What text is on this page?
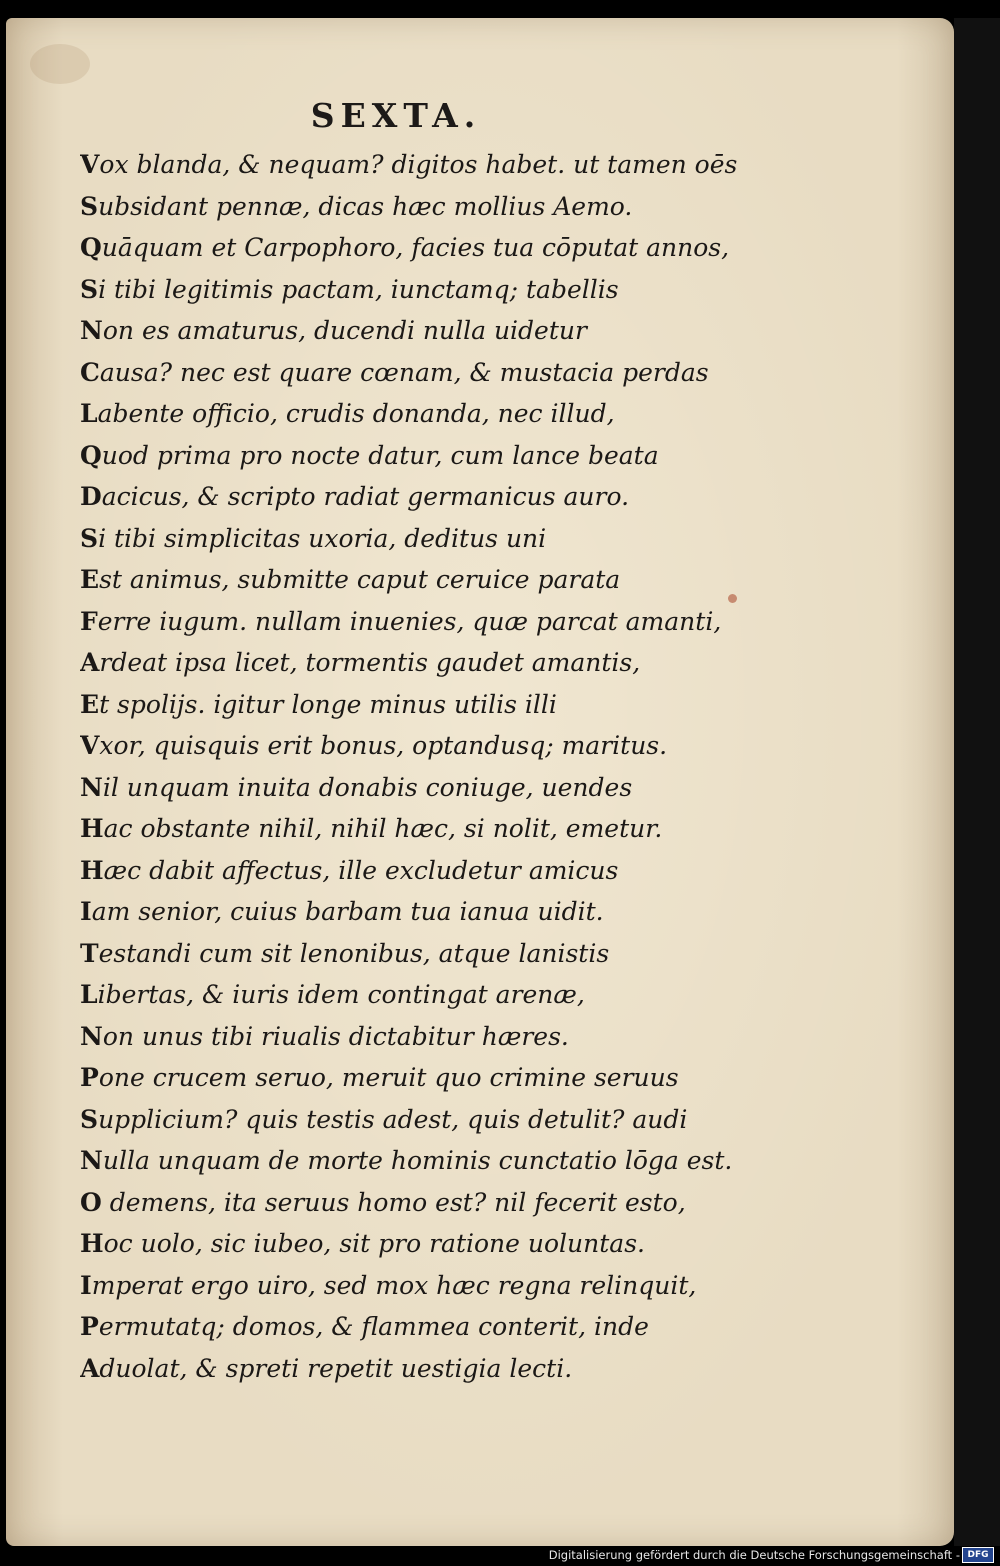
SEXTA.
Vox blanda, & nequam? digitos habet. ut tamen oēs
Subsidant pennæ, dicas hæc mollius Aemo.
Quāquam et Carpophoro, facies tua cōputat annos,
Si tibi legitimis pactam, iunctamq; tabellis
Non es amaturus, ducendi nulla uidetur
Causa? nec est quare cœnam, & mustacia perdas
Labente officio, crudis donanda, nec illud,
Quod prima pro nocte datur, cum lance beata
Dacicus, & scripto radiat germanicus auro.
Si tibi simplicitas uxoria, deditus uni
Est animus, submitte caput ceruice parata
Ferre iugum. nullam inuenies, quæ parcat amanti,
Ardeat ipsa licet, tormentis gaudet amantis,
Et spolijs. igitur longe minus utilis illi
Vxor, quisquis erit bonus, optandusq; maritus.
Nil unquam inuita donabis coniuge, uendes
Hac obstante nihil, nihil hæc, si nolit, emetur.
Hæc dabit affectus, ille excludetur amicus
Iam senior, cuius barbam tua ianua uidit.
Testandi cum sit lenonibus, atque lanistis
Libertas, & iuris idem contingat arenæ,
Non unus tibi riualis dictabitur hæres.
Pone crucem seruo, meruit quo crimine seruus
Supplicium? quis testis adest, quis detulit? audi
Nulla unquam de morte hominis cunctatio lōga est.
O demens, ita seruus homo est? nil fecerit esto,
Hoc uolo, sic iubeo, sit pro ratione uoluntas.
Imperat ergo uiro, sed mox hæc regna relinquit,
Permutatq; domos, & flammea conterit, inde
Aduolat, & spreti repetit uestigia lecti.
Digitalisierung gefördert durch die Deutsche Forschungsgemeinschaft - DFG
